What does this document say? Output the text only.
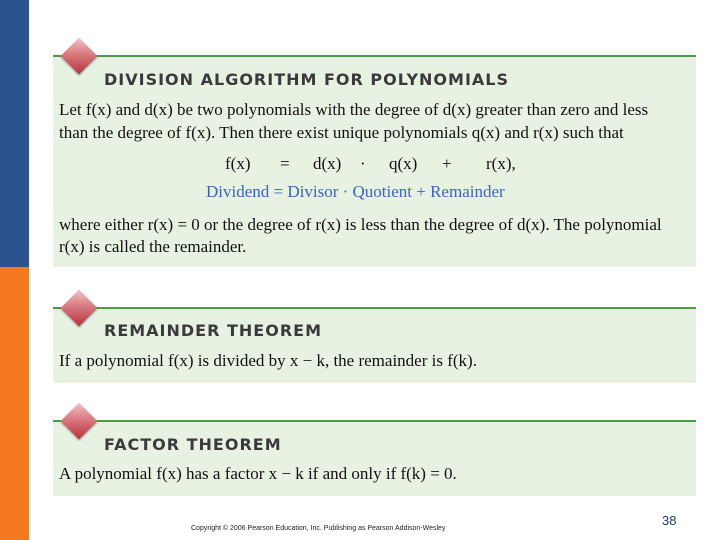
DIVISION ALGORITHM FOR POLYNOMIALS
Let f(x) and d(x) be two polynomials with the degree of d(x) greater than zero and less
than the degree of f(x). Then there exist unique polynomials q(x) and r(x) such that
f(x) = d(x) · q(x) + r(x),
Dividend = Divisor · Quotient + Remainder
where either r(x) = 0 or the degree of r(x) is less than the degree of d(x). The polynomial
r(x) is called the remainder.
REMAINDER THEOREM
If a polynomial f(x) is divided by x − k, the remainder is f(k).
FACTOR THEOREM
A polynomial f(x) has a factor x − k if and only if f(k) = 0.
Copyright © 2006 Pearson Education, Inc. Publishing as Pearson Addison-Wesley
38
